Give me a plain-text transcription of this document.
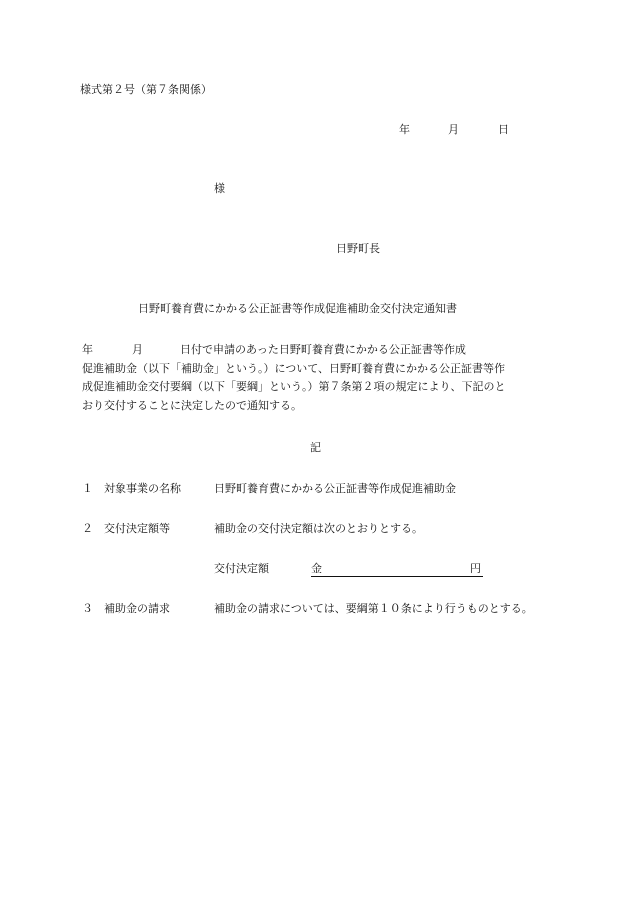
様式第２号（第７条関係）
年	月	日
様
日野町長
日野町養育費にかかる公正証書等作成促進補助金交付決定通知書
年	月	日付で申請のあった日野町養育費にかかる公正証書等作成
促進補助金（以下「補助金」という。）について、日野町養育費にかかる公正証書等作
成促進補助金交付要綱（以下「要綱」という。）第７条第２項の規定により、下記のと
おり交付することに決定したので通知する。
記
１ 対象事業の名称	日野町養育費にかかる公正証書等作成促進補助金
２ 交付決定額等	補助金の交付決定額は次のとおりとする。
交付決定額	金	円
３ 補助金の請求	補助金の請求については、要綱第１０条により行うものとする。
